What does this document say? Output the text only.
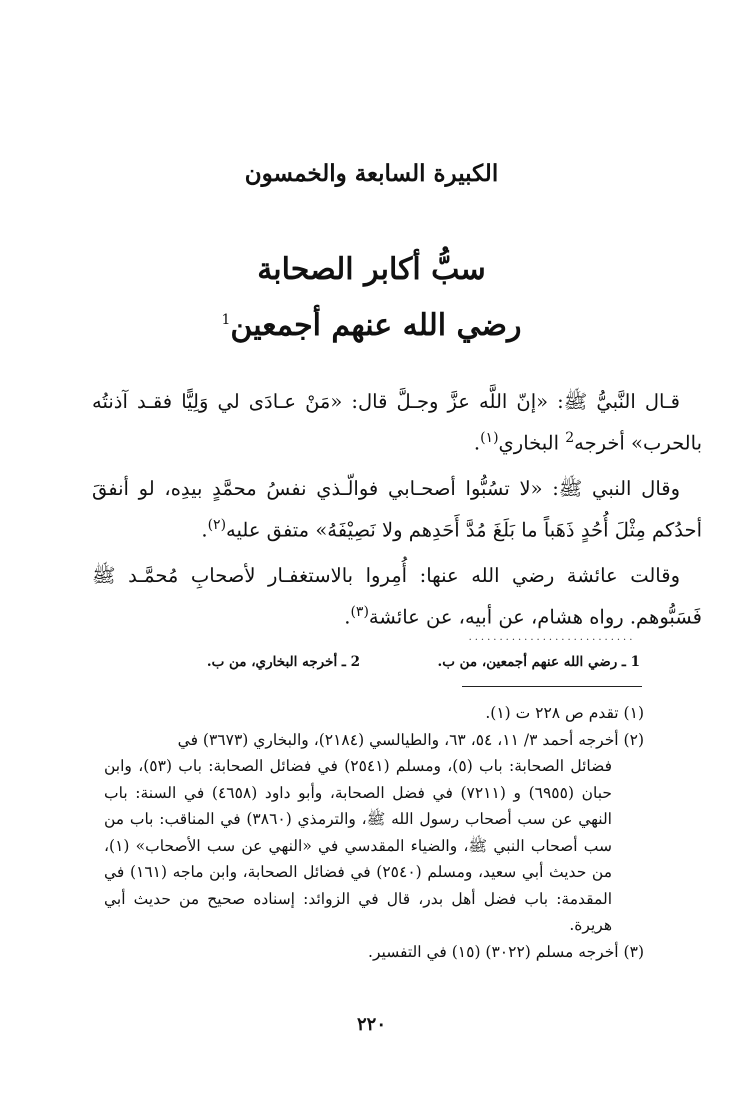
الكبيرة السابعة والخمسون
سبُّ أكابر الصحابة
رضي الله عنهم أجمعين$^1$
قـال النَّبيُّ ﷺ: «إنّ اللَّه عزَّ وجـلَّ قال: «مَنْ عـادَى لي وَلِيًّا فقـد آذنتُه بالحرب» أخرجه$^2$ البخاري$^{(١)}$.
وقال النبي ﷺ: «لا تسُبُّوا أصحـابي فوالّـذي نفسُ محمَّدٍ بيدِه، لو أنفقَ أحدُكم مِثْلَ أُحُدٍ ذَهَباً ما بَلَغَ مُدَّ أَحَدِهم ولا نَصِيْفَهُ» متفق عليه$^{(٢)}$.
وقالت عائشة رضي الله عنها: أُمِروا بالاستغفـار لأصحابِ مُحمَّـد ﷺ فَسَبُّوهم. رواه هشام، عن أبيه، عن عائشة$^{(٣)}$.
...........................
1 ـ رضي الله عنهم أجمعين، من ب.
2 ـ أخرجه البخاري، من ب.
(١) تقدم ص ٢٢٨ ت (١).
(٢) أخرجه أحمد ٣/ ١١، ٥٤، ٦٣، والطيالسي (٢١٨٤)، والبخاري (٣٦٧٣) في
فضائل الصحابة: باب (٥)، ومسلم (٢٥٤١) في فضائل الصحابة: باب (٥٣)، وابن حبان (٦٩٥٥) و (٧٢١١) في فضل الصحابة، وأبو داود (٤٦٥٨) في السنة: باب النهي عن سب أصحاب رسول الله ﷺ، والترمذي (٣٨٦٠) في المناقب: باب من سب أصحاب النبي ﷺ، والضياء المقدسي في «النهي عن سب الأصحاب» (١)، من حديث أبي سعيد، ومسلم (٢٥٤٠) في فضائل الصحابة، وابن ماجه (١٦١) في المقدمة: باب فضل أهل بدر، قال في الزوائد: إسناده صحيح من حديث أبي هريرة.
(٣) أخرجه مسلم (٣٠٢٢) (١٥) في التفسير.
٢٢٠
